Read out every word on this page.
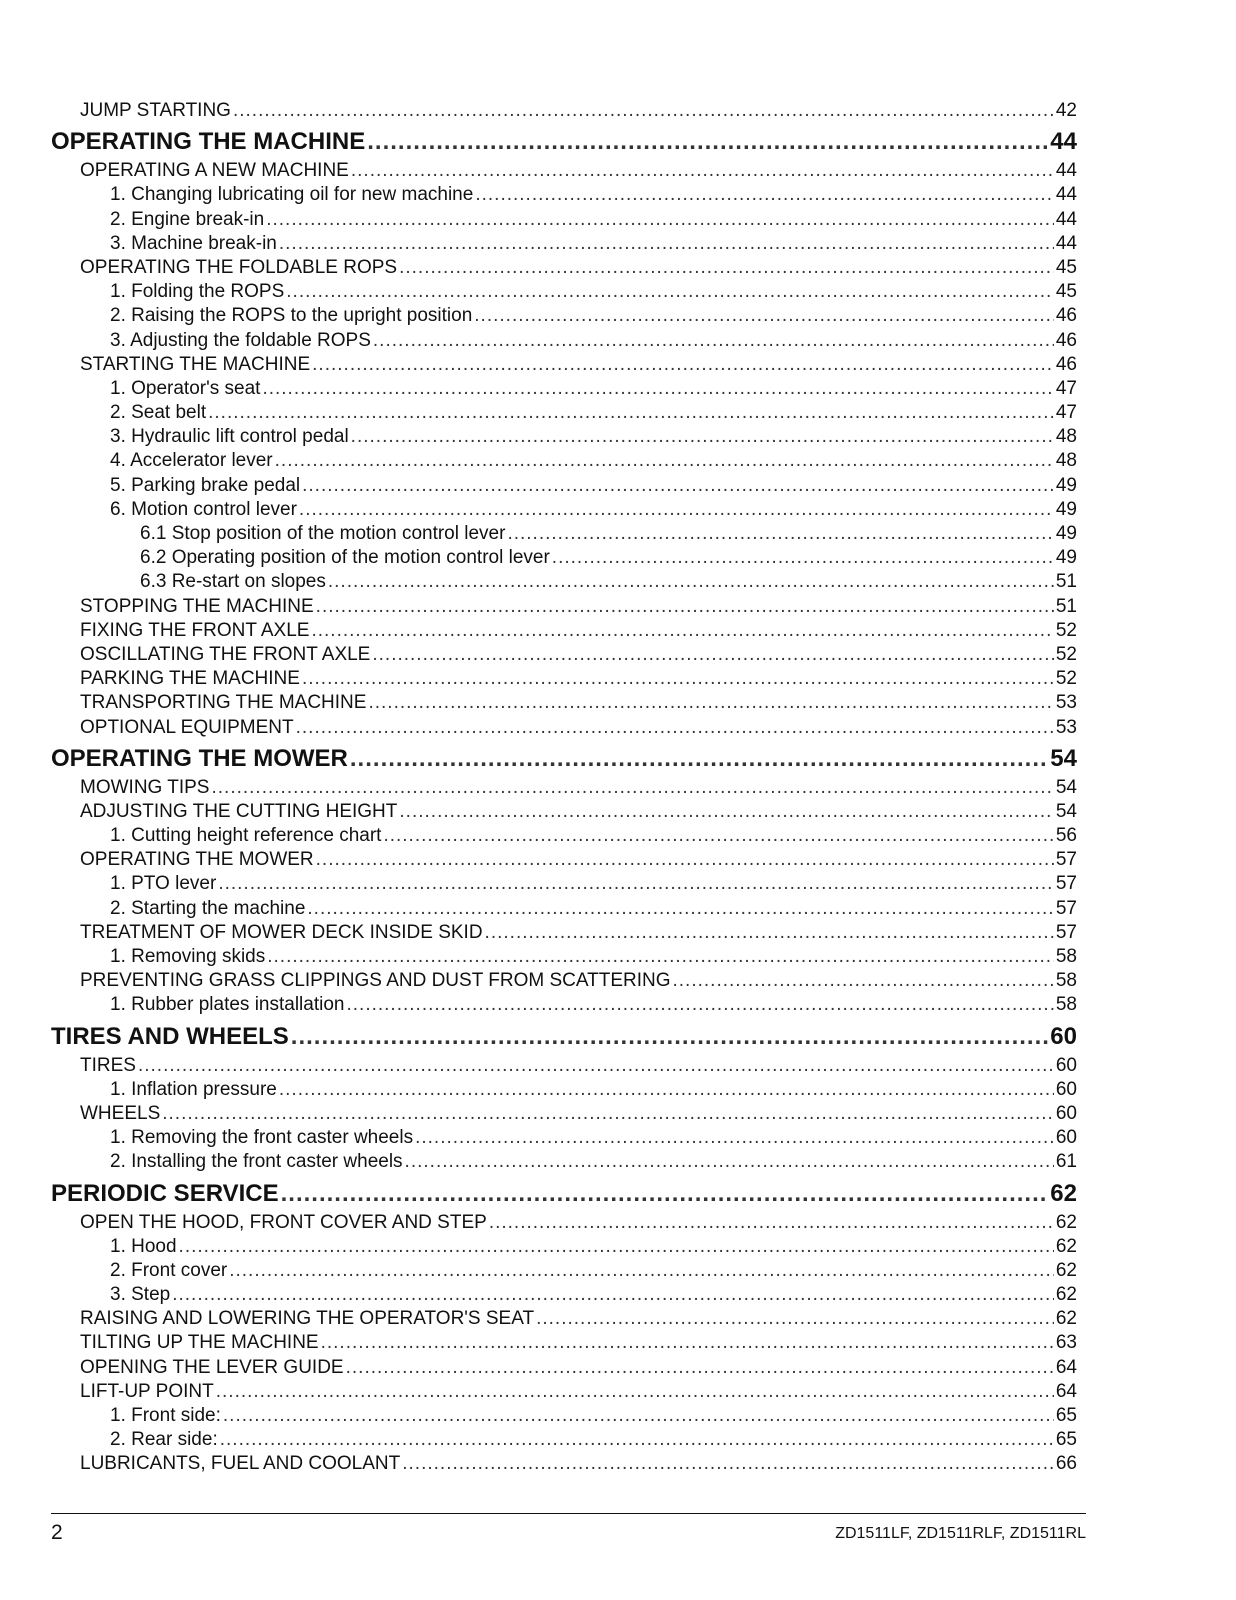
JUMP STARTING .....	42
OPERATING THE MACHINE .....	44
OPERATING A NEW MACHINE .....	44
1. Changing lubricating oil for new machine .....	44
2. Engine break-in .....	44
3. Machine break-in .....	44
OPERATING THE FOLDABLE ROPS .....	45
1. Folding the ROPS .....	45
2. Raising the ROPS to the upright position .....	46
3. Adjusting the foldable ROPS .....	46
STARTING THE MACHINE .....	46
1. Operator's seat .....	47
2. Seat belt .....	47
3. Hydraulic lift control pedal .....	48
4. Accelerator lever .....	48
5. Parking brake pedal .....	49
6. Motion control lever .....	49
6.1 Stop position of the motion control lever .....	49
6.2 Operating position of the motion control lever .....	49
6.3 Re-start on slopes .....	51
STOPPING THE MACHINE .....	51
FIXING THE FRONT AXLE .....	52
OSCILLATING THE FRONT AXLE .....	52
PARKING THE MACHINE .....	52
TRANSPORTING THE MACHINE .....	53
OPTIONAL EQUIPMENT .....	53
OPERATING THE MOWER .....	54
MOWING TIPS .....	54
ADJUSTING THE CUTTING HEIGHT .....	54
1. Cutting height reference chart .....	56
OPERATING THE MOWER .....	57
1. PTO lever .....	57
2. Starting the machine .....	57
TREATMENT OF MOWER DECK INSIDE SKID .....	57
1. Removing skids .....	58
PREVENTING GRASS CLIPPINGS AND DUST FROM SCATTERING .....	58
1. Rubber plates installation .....	58
TIRES AND WHEELS .....	60
TIRES .....	60
1. Inflation pressure .....	60
WHEELS .....	60
1. Removing the front caster wheels .....	60
2. Installing the front caster wheels .....	61
PERIODIC SERVICE .....	62
OPEN THE HOOD, FRONT COVER AND STEP .....	62
1. Hood .....	62
2. Front cover .....	62
3. Step .....	62
RAISING AND LOWERING THE OPERATOR'S SEAT .....	62
TILTING UP THE MACHINE .....	63
OPENING THE LEVER GUIDE .....	64
LIFT-UP POINT .....	64
1. Front side: .....	65
2. Rear side: .....	65
LUBRICANTS, FUEL AND COOLANT .....	66
2	ZD1511LF, ZD1511RLF, ZD1511RL
